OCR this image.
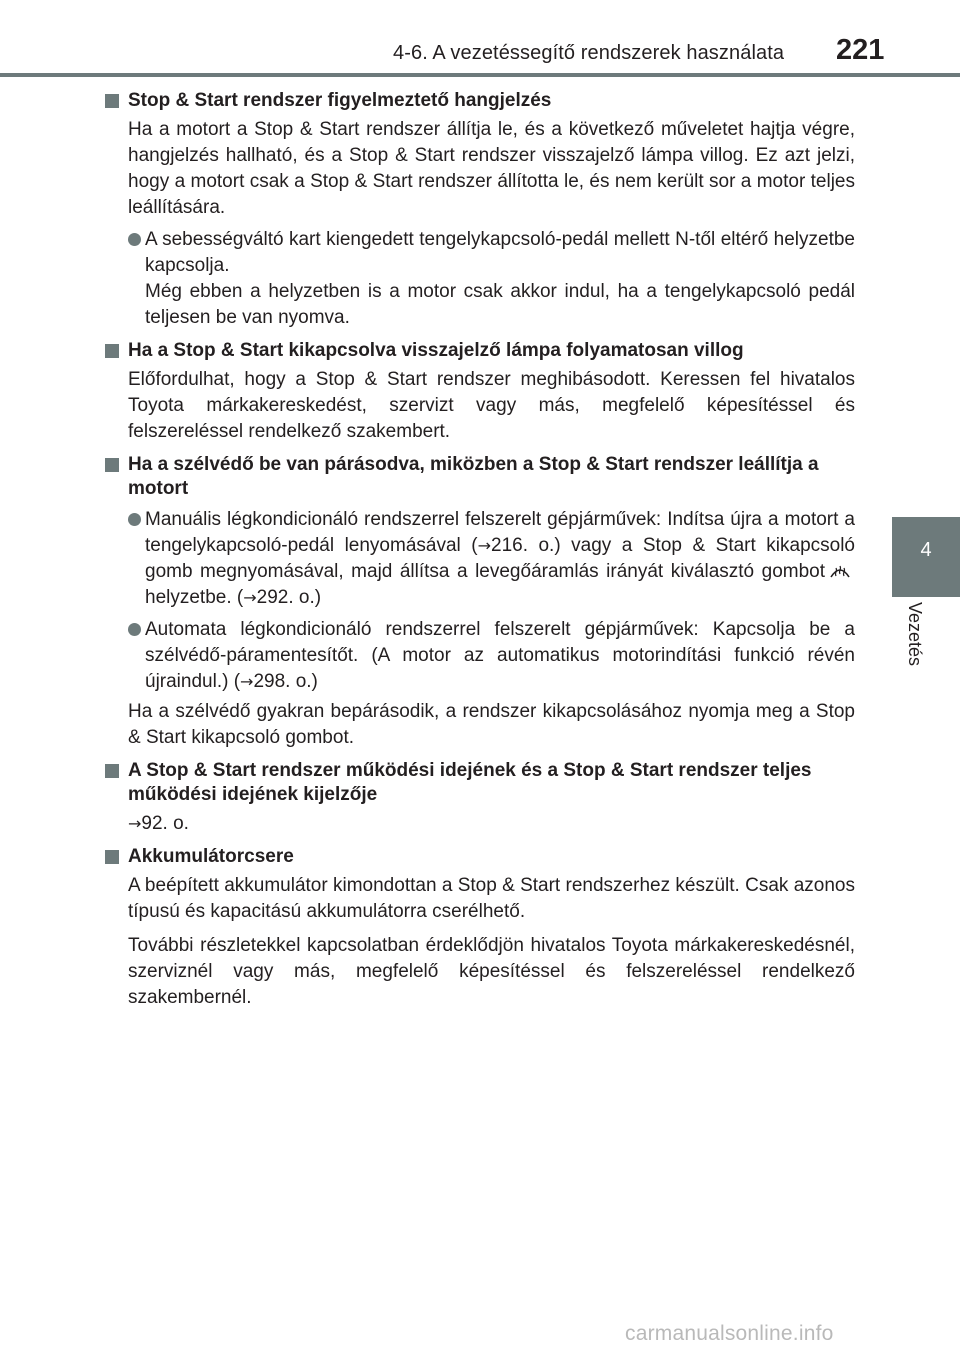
4-6. A vezetéssegítő rendszerek használata 221
4
Vezetés

Stop & Start rendszer figyelmeztető hangjelzés

Ha a motort a Stop & Start rendszer állítja le, és a következő műveletet hajtja végre, hangjelzés hallható, és a Stop & Start rendszer visszajelző lámpa villog. Ez azt jelzi, hogy a motort csak a Stop & Start rendszer állította le, és nem került sor a motor teljes leállítására.

A sebességváltó kart kiengedett tengelykapcsoló-pedál mellett N-től eltérő helyzetbe kapcsolja.
Még ebben a helyzetben is a motor csak akkor indul, ha a tengelykapcsoló pedál teljesen be van nyomva.

Ha a Stop & Start kikapcsolva visszajelző lámpa folyamatosan villog

Előfordulhat, hogy a Stop & Start rendszer meghibásodott. Keressen fel hivatalos Toyota márkakereskedést, szervizt vagy más, megfelelő képesítéssel és felszereléssel rendelkező szakembert.

Ha a szélvédő be van párásodva, miközben a Stop & Start rendszer leállítja a motort

Manuális légkondicionáló rendszerrel felszerelt gépjárművek: Indítsa újra a motort a tengelykapcsoló-pedál lenyomásával (→216. o.) vagy a Stop & Start kikapcsoló gomb megnyomásával, majd állítsa a levegőáramlás irányát kiválasztó gombothelyzetbe. (→292. o.)

Automata légkondicionáló rendszerrel felszerelt gépjárművek: Kapcsolja be a szélvédő-páramentesítőt. (A motor az automatikus motorindítási funkció révén újraindul.) (→298. o.)

Ha a szélvédő gyakran bepárásodik, a rendszer kikapcsolásához nyomja meg a Stop & Start kikapcsoló gombot.

A Stop & Start rendszer működési idejének és a Stop & Start rendszer teljes működési idejének kijelzője

→92. o.

Akkumulátorcsere

A beépített akkumulátor kimondottan a Stop & Start rendszerhez készült. Csak azonos típusú és kapacitású akkumulátorra cserélhető.

További részletekkel kapcsolatban érdeklődjön hivatalos Toyota márkakereskedésnél, szerviznél vagy más, megfelelő képesítéssel és felszereléssel rendelkező szakembernél.

carmanualsonline.info
